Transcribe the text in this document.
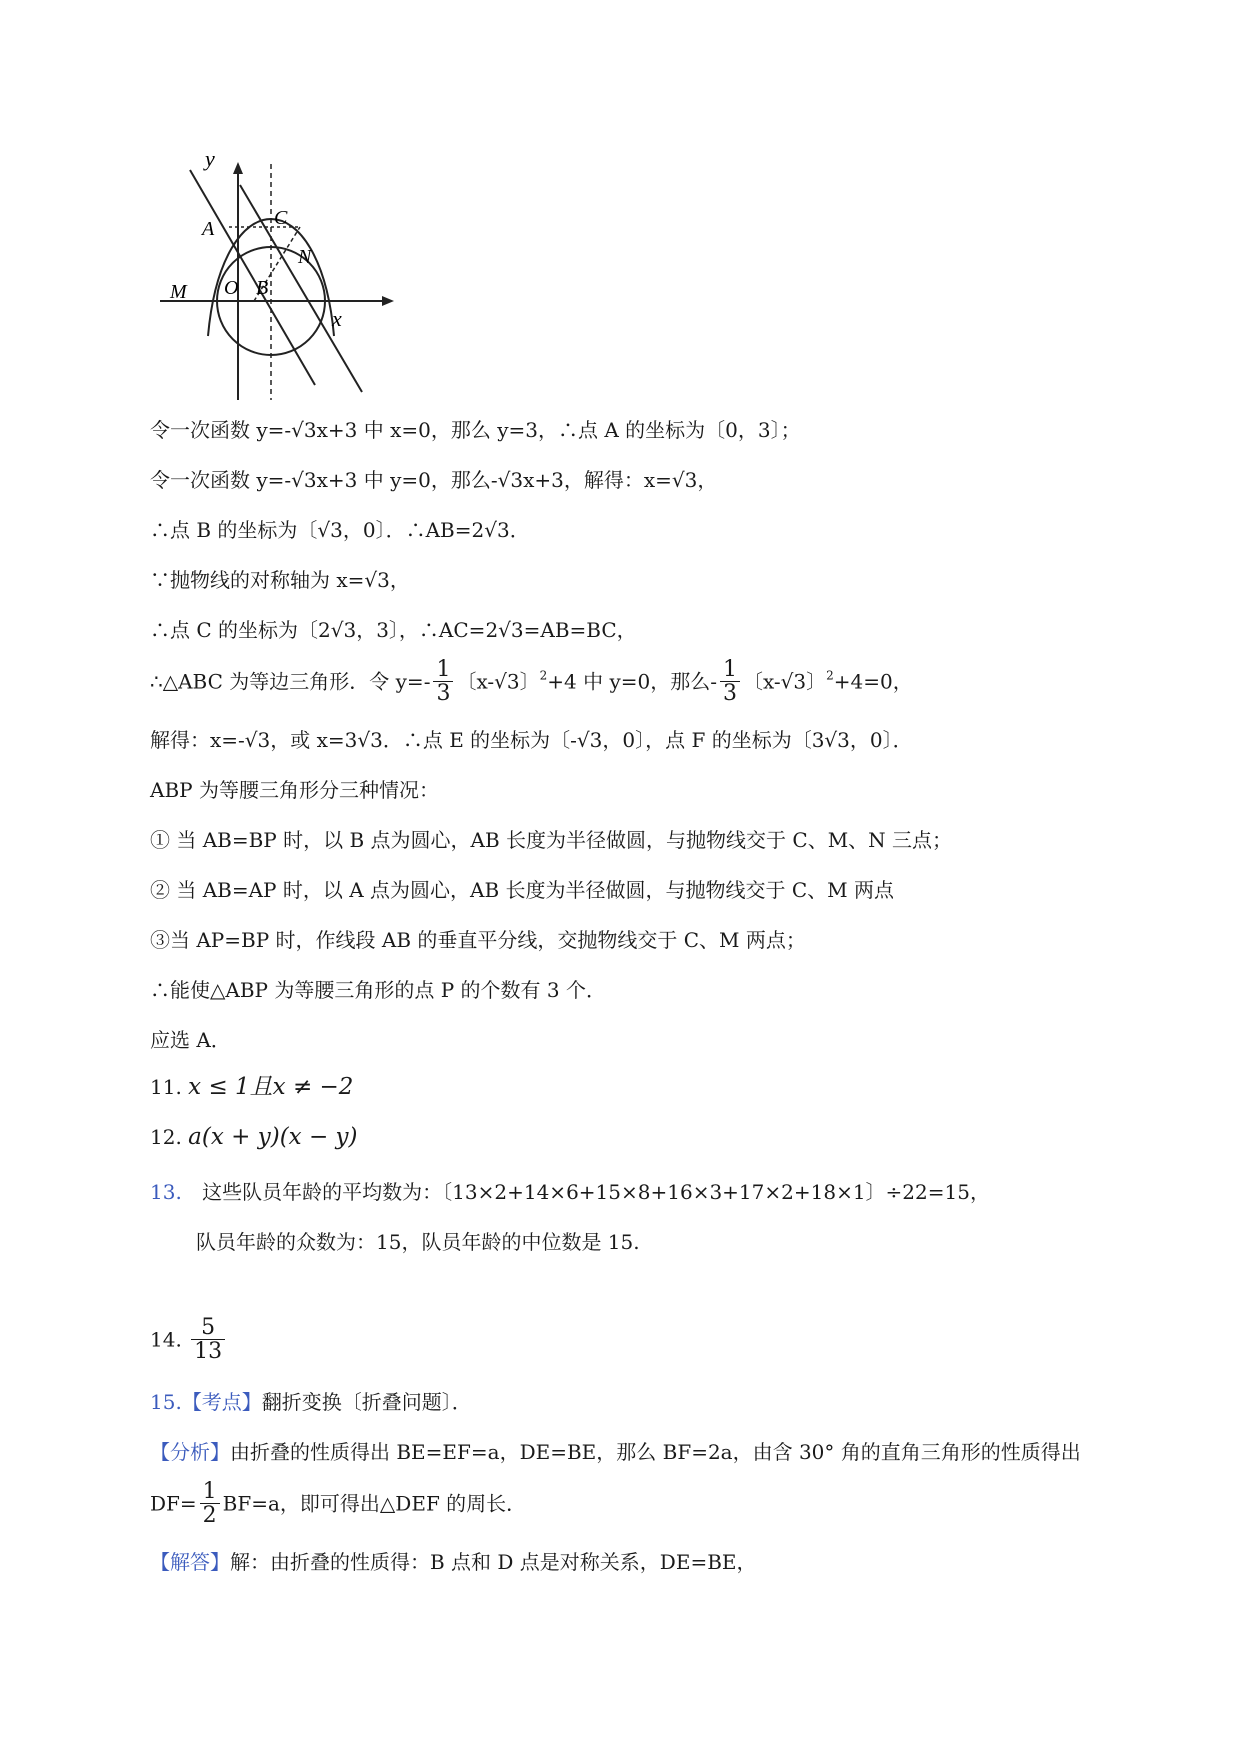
y
x
A	C
N
M O B
令一次函数 y=-√3x+3 中 x=0，那么 y=3，∴点 A 的坐标为〔0，3〕；
令一次函数 y=-√3x+3 中 y=0，那么-√3x+3，解得：x=√3，
∴点 B 的坐标为〔√3，0〕．∴AB=2√3．
∵抛物线的对称轴为 x=√3，
∴点 C 的坐标为〔2√3，3〕，∴AC=2√3=AB=BC，
∴△ABC 为等边三角形．令 $y=- \frac{1}{3}$ 〔x-√3〕$^2$+4 中 y=0，那么- $\frac{1}{3}$ 〔x-√3〕$^2$+4=0，
解得：x=-√3，或 x=3√3．∴点 E 的坐标为〔-√3，0〕，点 F 的坐标为〔3√3，0〕．
ABP 为等腰三角形分三种情况：
① 当 AB=BP 时，以 B 点为圆心，AB 长度为半径做圆，与抛物线交于 C、M、N 三点；
② 当 AB=AP 时，以 A 点为圆心，AB 长度为半径做圆，与抛物线交于 C、M 两点
③当 AP=BP 时，作线段 AB 的垂直平分线，交抛物线交于 C、M 两点；
∴能使△ABP 为等腰三角形的点 P 的个数有 3 个．
应选 A．
11. x ≤ 1且x ≠ −2
12. a(x + y)(x − y)
13. 这些队员年龄的平均数为：〔13×2+14×6+15×8+16×3+17×2+18×1〕÷22=15，
队员年龄的众数为：15，队员年龄的中位数是 15.
14. $\frac{5}{13}$
15.【考点】翻折变换〔折叠问题〕．
【分析】由折叠的性质得出 BE=EF=a，DE=BE，那么 BF=2a，由含 30° 角的直角三角形的性质得出
$DF= \frac{1}{2} BF=a$，即可得出△DEF 的周长．
【解答】解：由折叠的性质得：B 点和 D 点是对称关系，DE=BE，
